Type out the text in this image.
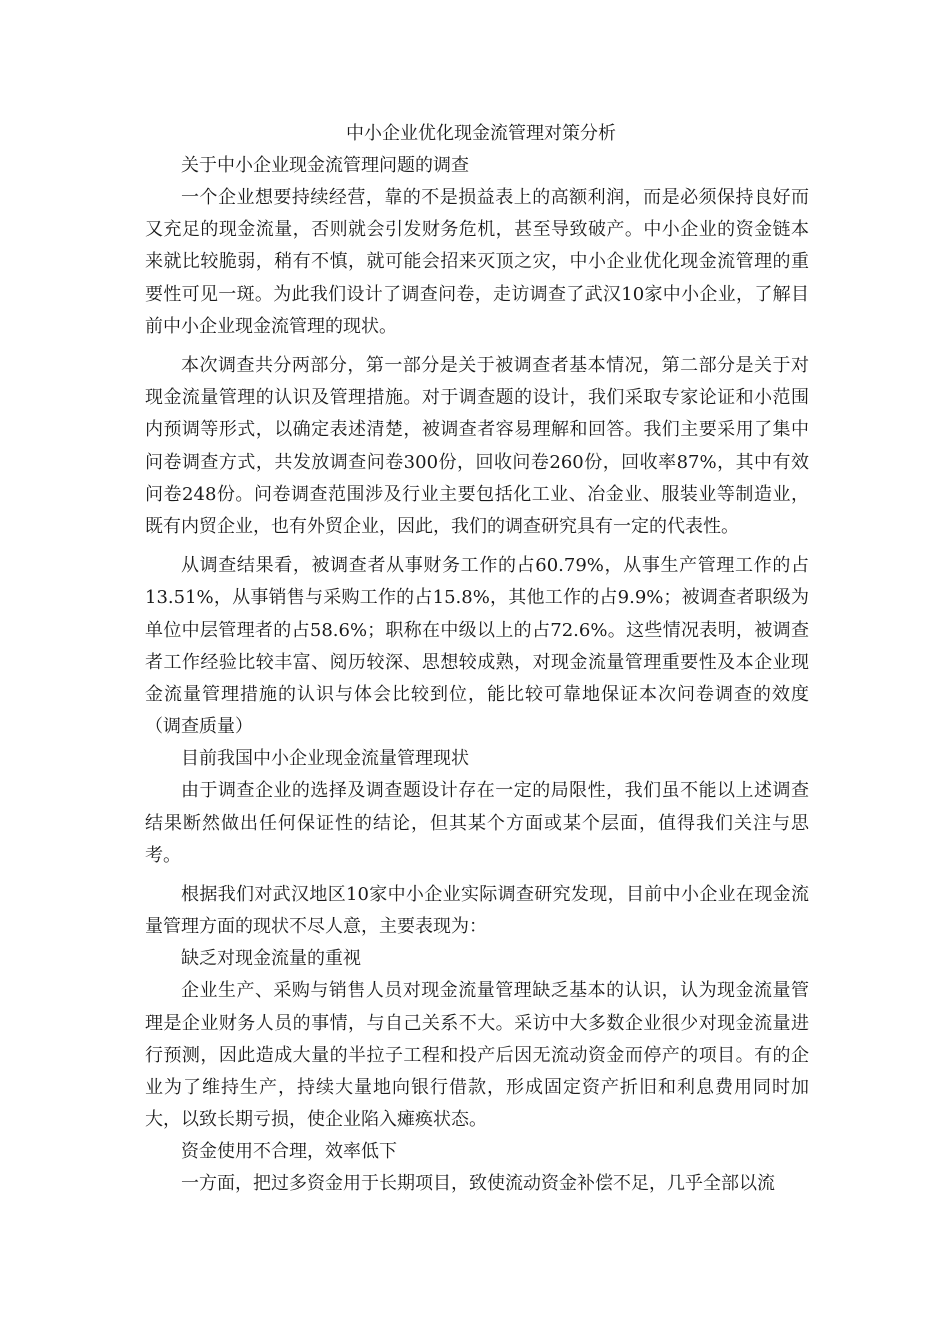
中小企业优化现金流管理对策分析

关于中小企业现金流管理问题的调查

一个企业想要持续经营，靠的不是损益表上的高额利润，而是必须保持良好而又充足的现金流量，否则就会引发财务危机，甚至导致破产。中小企业的资金链本来就比较脆弱，稍有不慎，就可能会招来灭顶之灾，中小企业优化现金流管理的重要性可见一斑。为此我们设计了调查问卷，走访调查了武汉10家中小企业，了解目前中小企业现金流管理的现状。

本次调查共分两部分，第一部分是关于被调查者基本情况，第二部分是关于对现金流量管理的认识及管理措施。对于调查题的设计，我们采取专家论证和小范围内预调等形式，以确定表述清楚，被调查者容易理解和回答。我们主要采用了集中问卷调查方式，共发放调查问卷300份，回收问卷260份，回收率87%，其中有效问卷248份。问卷调查范围涉及行业主要包括化工业、冶金业、服装业等制造业，既有内贸企业，也有外贸企业，因此，我们的调查研究具有一定的代表性。

从调查结果看，被调查者从事财务工作的占60.79%，从事生产管理工作的占13.51%，从事销售与采购工作的占15.8%，其他工作的占9.9%；被调查者职级为单位中层管理者的占58.6%；职称在中级以上的占72.6%。这些情况表明，被调查者工作经验比较丰富、阅历较深、思想较成熟，对现金流量管理重要性及本企业现金流量管理措施的认识与体会比较到位，能比较可靠地保证本次问卷调查的效度（调查质量）

目前我国中小企业现金流量管理现状

由于调查企业的选择及调查题设计存在一定的局限性，我们虽不能以上述调查结果断然做出任何保证性的结论，但其某个方面或某个层面，值得我们关注与思考。

根据我们对武汉地区10家中小企业实际调查研究发现，目前中小企业在现金流量管理方面的现状不尽人意，主要表现为：

缺乏对现金流量的重视

企业生产、采购与销售人员对现金流量管理缺乏基本的认识，认为现金流量管理是企业财务人员的事情，与自己关系不大。采访中大多数企业很少对现金流量进行预测，因此造成大量的半拉子工程和投产后因无流动资金而停产的项目。有的企业为了维持生产，持续大量地向银行借款，形成固定资产折旧和利息费用同时加大，以致长期亏损，使企业陷入瘫痪状态。

资金使用不合理，效率低下

一方面，把过多资金用于长期项目，致使流动资金补偿不足，几乎全部以流
